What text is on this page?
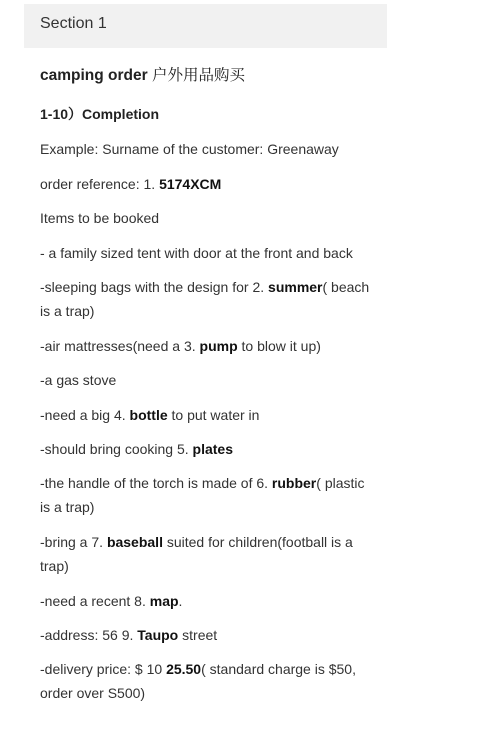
Section 1
camping order 户外用品购买
1-10）Completion
Example: Surname of the customer: Greenaway
order reference: 1. 5174XCM
Items to be booked
- a family sized tent with door at the front and back
-sleeping bags with the design for 2. summer( beach is a trap)
-air mattresses(need a 3. pump to blow it up)
-a gas stove
-need a big 4. bottle to put water in
-should bring cooking 5. plates
-the handle of the torch is made of 6. rubber( plastic is a trap)
-bring a 7. baseball suited for children(football is a trap)
-need a recent 8. map.
-address: 56 9. Taupo street
-delivery price: $ 10 25.50( standard charge is $50, order over S500)
